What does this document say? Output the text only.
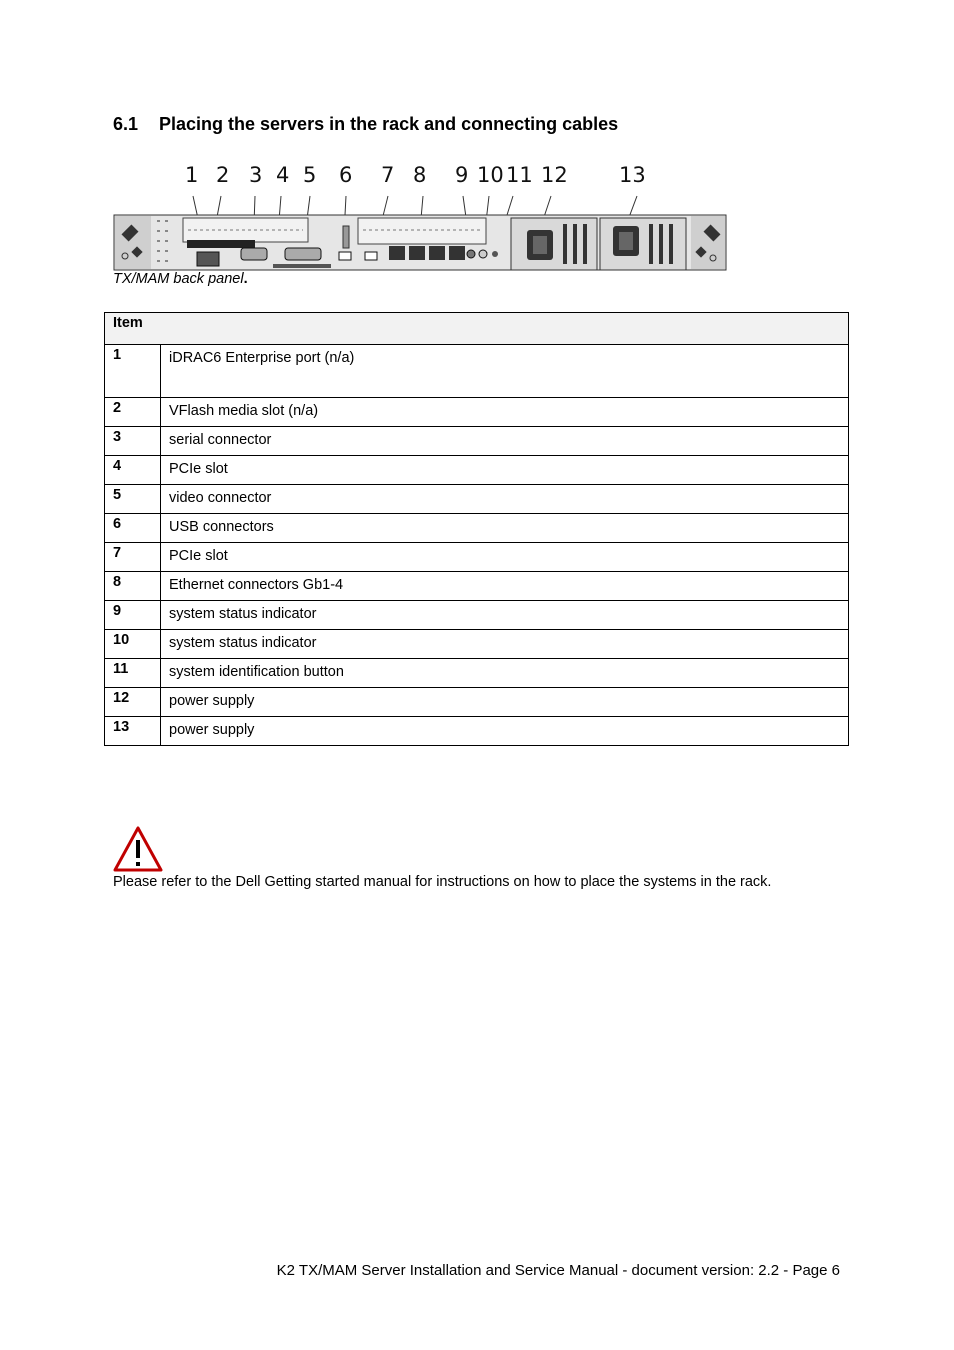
6.1 Placing the servers in the rack and connecting cables
1 2 3 4 5 6 7 8 9 10 11 12 13
TX/MAM back panel.
Item	
1	iDRAC6 Enterprise port (n/a)
2	VFlash media slot (n/a)
3	serial connector
4	PCIe slot
5	video connector
6	USB connectors
7	PCIe slot
8	Ethernet connectors Gb1-4
9	system status indicator
10	system status indicator
11	system identification button
12	power supply
13	power supply
Please refer to the Dell Getting started manual for instructions on how to place the systems in the rack.
K2 TX/MAM Server Installation and Service Manual - document version: 2.2 - Page 6
